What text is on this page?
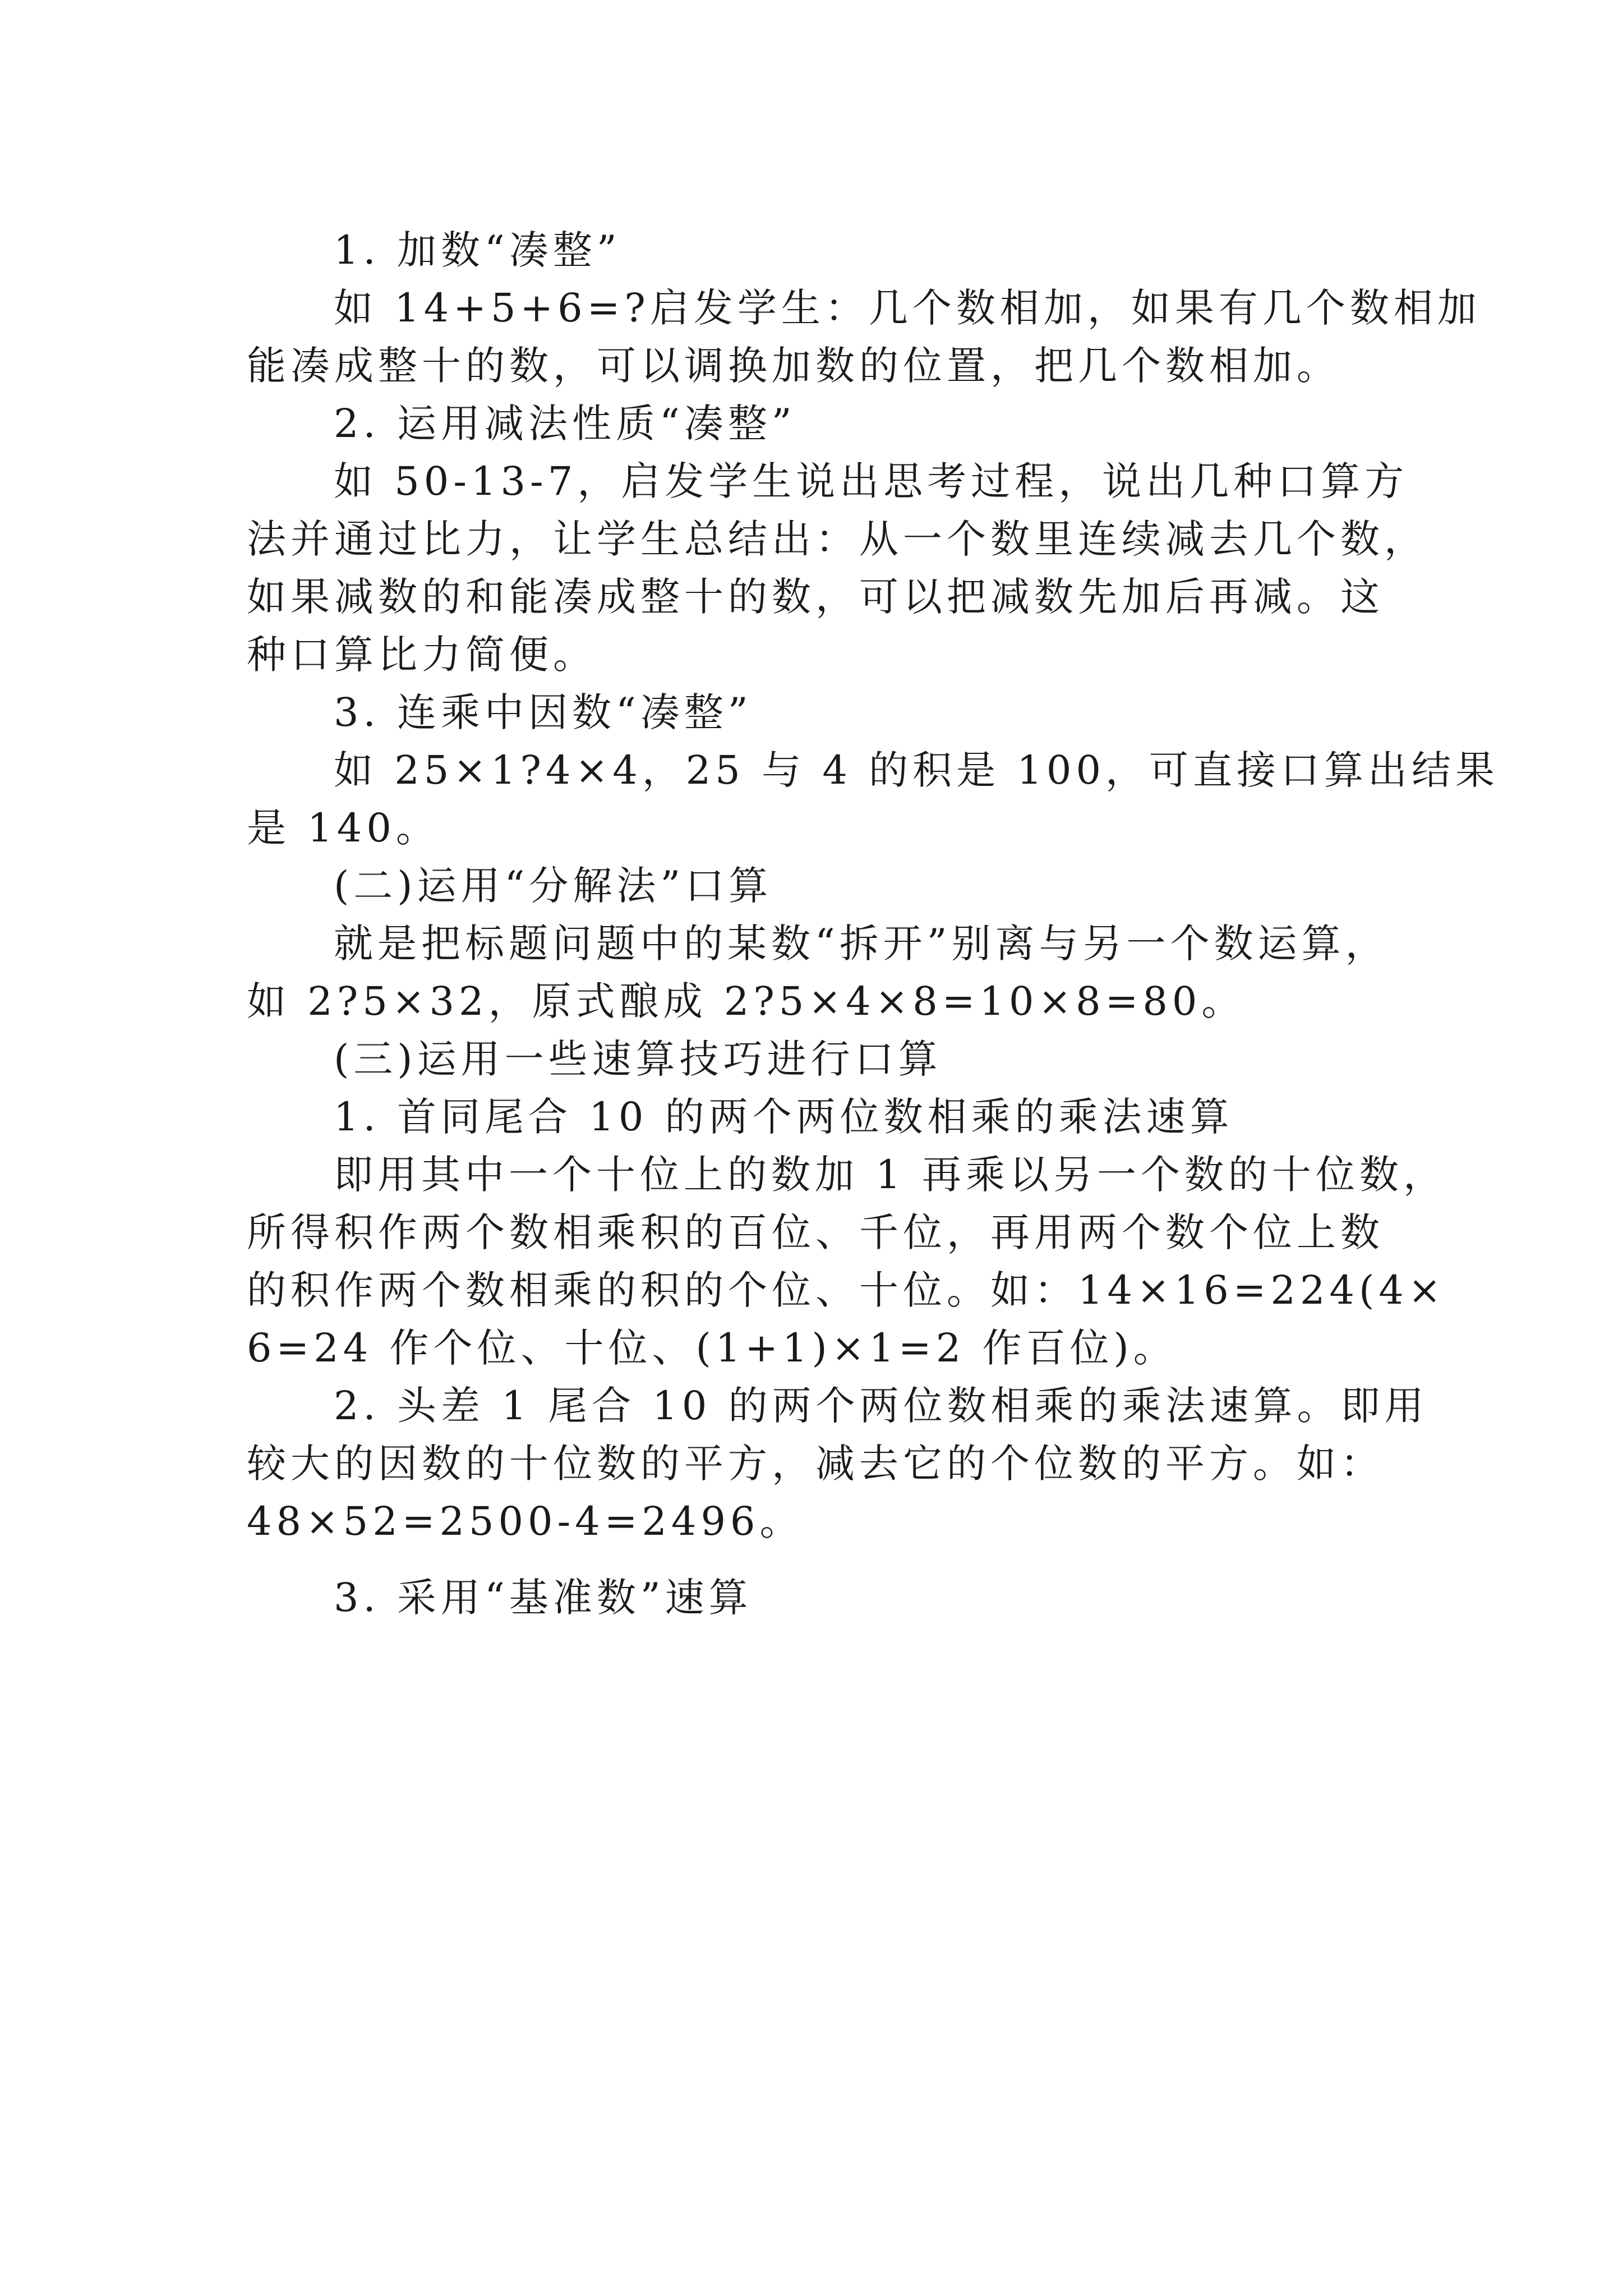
1. 加数“凑整”
如 14+5+6=?启发学生：几个数相加，如果有几个数相加
能凑成整十的数，可以调换加数的位置，把几个数相加。
2. 运用减法性质“凑整”
如 50-13-7，启发学生说出思考过程，说出几种口算方
法并通过比力，让学生总结出：从一个数里连续减去几个数，
如果减数的和能凑成整十的数，可以把减数先加后再减。这
种口算比力简便。
3. 连乘中因数“凑整”
如 25×1?4×4，25 与 4 的积是 100，可直接口算出结果
是 140。
(二)运用“分解法”口算
就是把标题问题中的某数“拆开”别离与另一个数运算，
如 2?5×32，原式酿成 2?5×4×8=10×8=80。
(三)运用一些速算技巧进行口算
1. 首同尾合 10 的两个两位数相乘的乘法速算
即用其中一个十位上的数加 1 再乘以另一个数的十位数，
所得积作两个数相乘积的百位、千位，再用两个数个位上数
的积作两个数相乘的积的个位、十位。如：14×16=224(4×
6=24 作个位、十位、(1+1)×1=2 作百位)。
2. 头差 1 尾合 10 的两个两位数相乘的乘法速算。即用
较大的因数的十位数的平方，减去它的个位数的平方。如：
48×52=2500-4=2496。
3. 采用“基准数”速算
